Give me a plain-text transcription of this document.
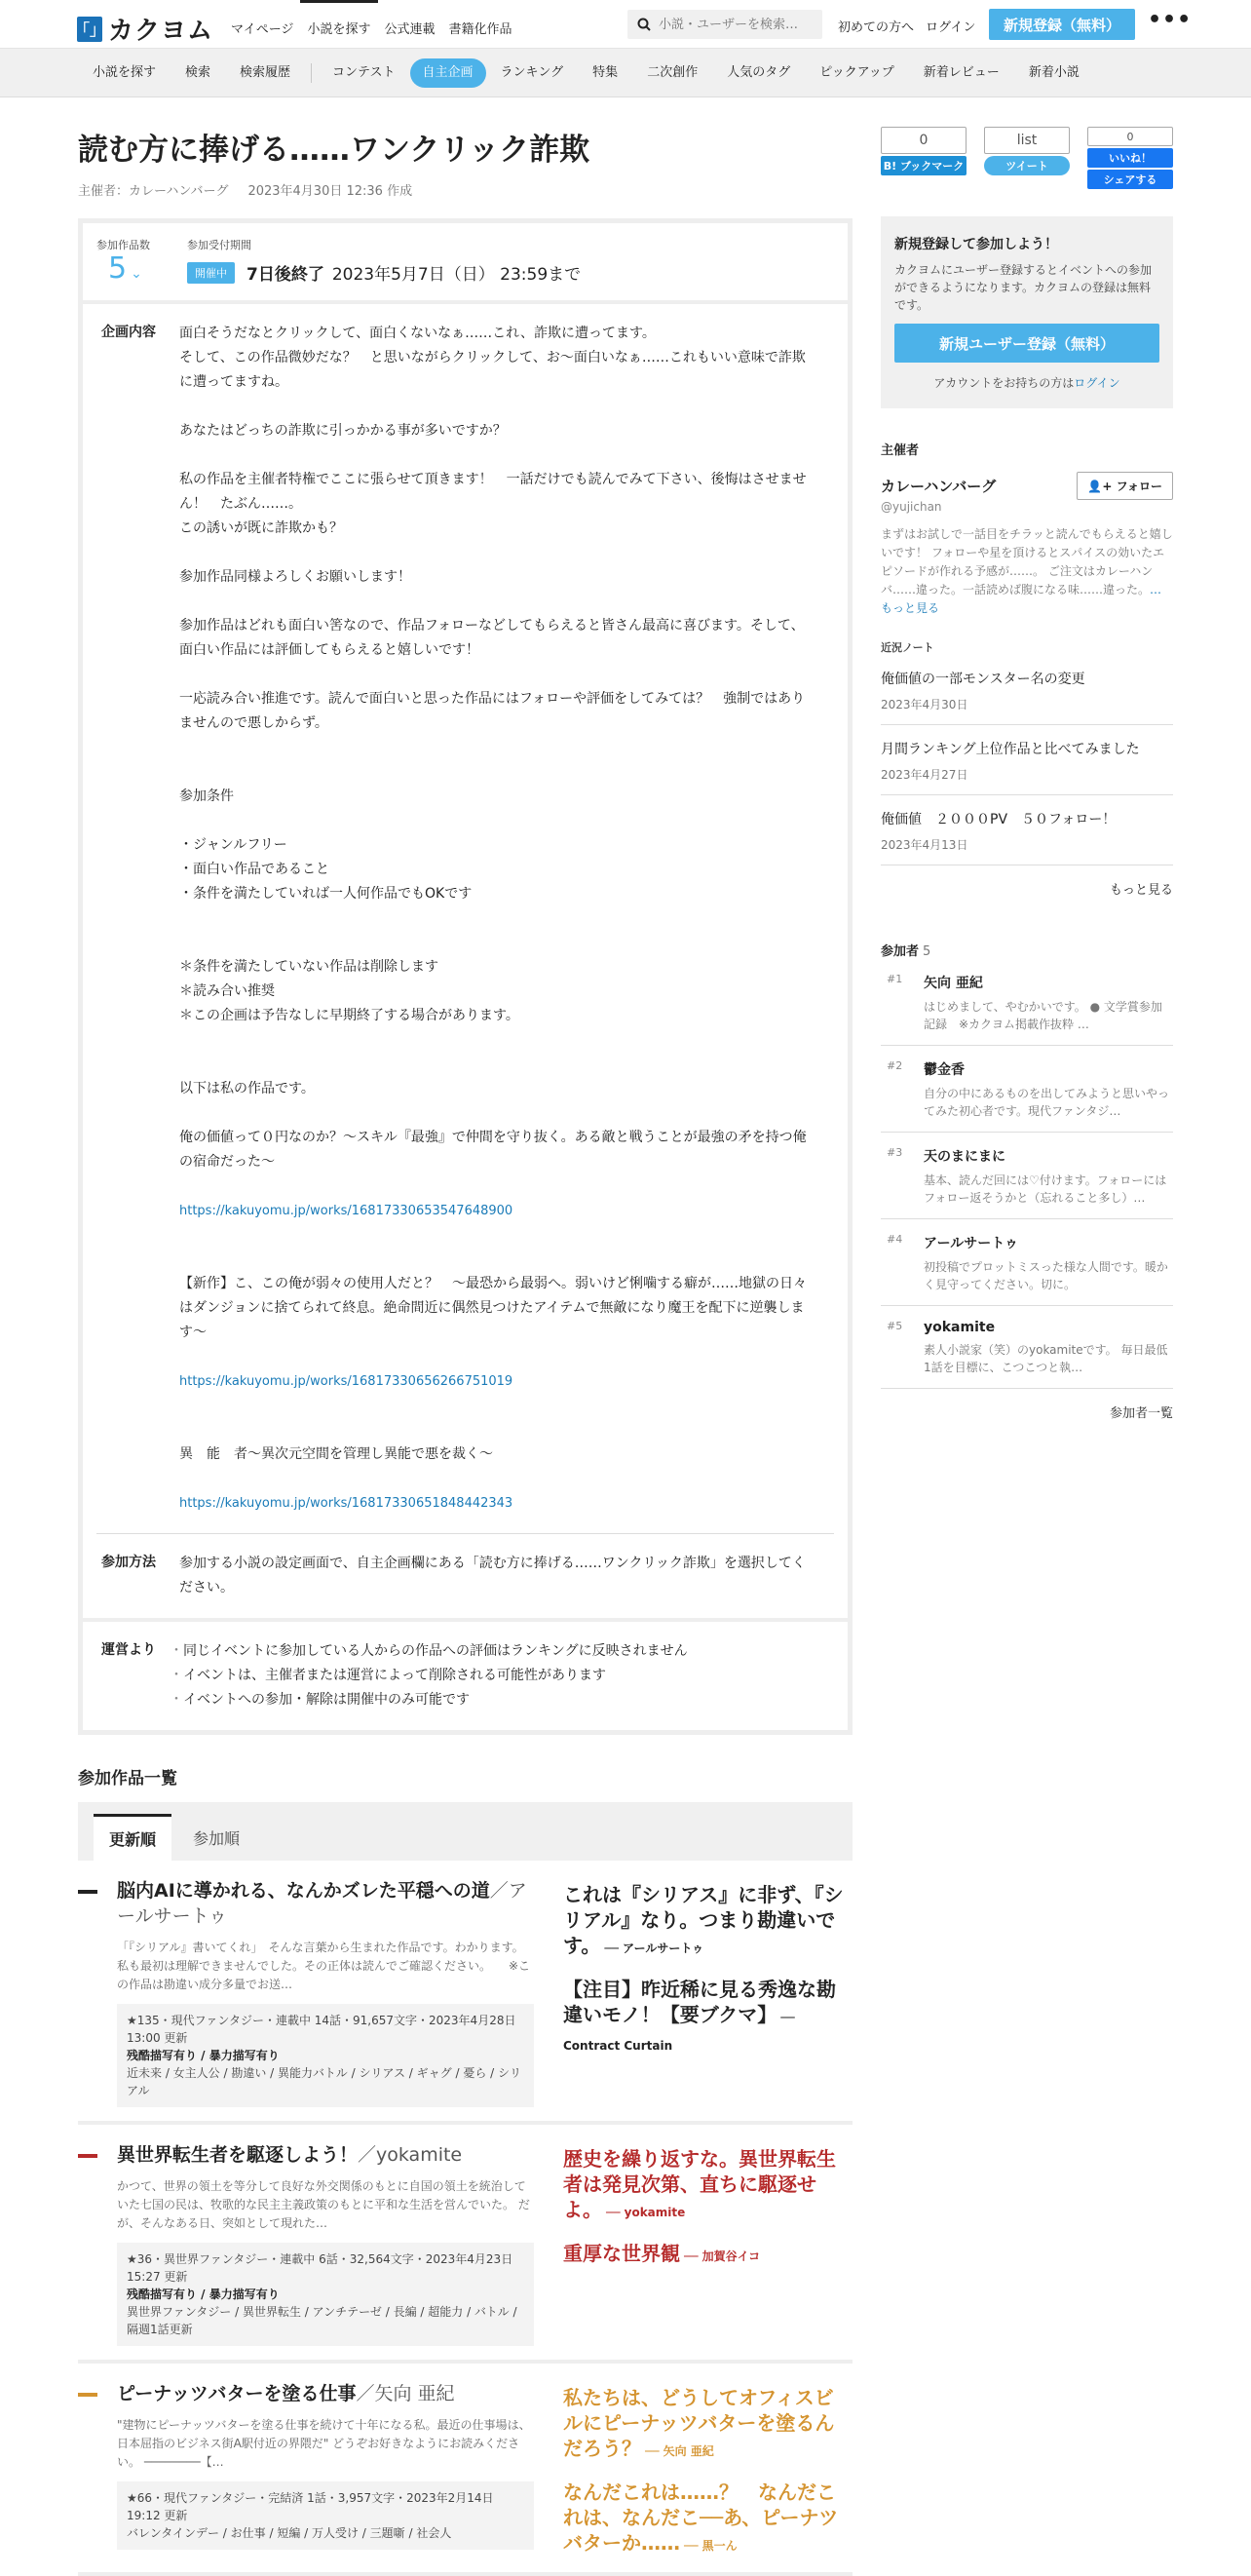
「」 カクヨム	マイページ	小説を探す	公式連載	書籍化作品
小説・ユーザーを検索…	初めての方へ ログイン	新規登録（無料）	•••
小説を探す	検索	検索履歴	コンテスト	自主企画	ランキング	特集	二次創作	人気のタグ	ピックアップ	新着レビュー	新着小説
読む方に捧げる……ワンクリック詐欺
主催者：カレーハンバーグ 2023年4月30日 12:36 作成
参加作品数
5 ⌄
参加受付期間
開催中 7日後終了 2023年5月7日（日） 23:59まで
企画内容	面白そうだなとクリックして、面白くないなぁ……これ、詐欺に遭ってます。

そして、この作品微妙だな？　と思いながらクリックして、お〜面白いなぁ……これもいい意味で詐欺に遭ってますね。

あなたはどっちの詐欺に引っかかる事が多いですか？

私の作品を主催者特権でここに張らせて頂きます！　一話だけでも読んでみて下さい、後悔はさせません！　たぶん……。

この誘いが既に詐欺かも？

参加作品同様よろしくお願いします！

参加作品はどれも面白い筈なので、作品フォローなどしてもらえると皆さん最高に喜びます。そして、面白い作品には評価してもらえると嬉しいです！

一応読み合い推進です。読んで面白いと思った作品にはフォローや評価をしてみては？　強制ではありませんので悪しからず。

参加条件

・ジャンルフリー

・面白い作品であること

・条件を満たしていれば一人何作品でもOKです

＊条件を満たしていない作品は削除します

＊読み合い推奨

＊この企画は予告なしに早期終了する場合があります。

以下は私の作品です。

俺の価値って０円なのか？〜スキル『最強』で仲間を守り抜く。ある敵と戦うことが最強の矛を持つ俺の宿命だった〜

https://kakuyomu.jp/works/16817330653547648900

【新作】こ、この俺が弱々の使用人だと？　〜最恐から最弱へ。弱いけど悧噛する癖が……地獄の日々はダンジョンに捨てられて終息。絶命間近に偶然見つけたアイテムで無敵になり魔王を配下に逆襲します〜

https://kakuyomu.jp/works/16817330656266751019

異　能　者〜異次元空間を管理し異能で悪を裁く〜

https://kakuyomu.jp/works/16817330651848442343
参加方法	参加する小説の設定画面で、自主企画欄にある「読む方に捧げる……ワンクリック詐欺」を選択してください。
運営より
・	同じイベントに参加している人からの作品への評価はランキングに反映されません
・ イベントは、主催者または運営によって削除される可能性があります
・ イベントへの参加・解除は開催中のみ可能です
参加作品一覧
更新順	参加順
脳内AIに導かれる、なんかズレた平穏への道／アールサートゥ
「『シリアル』書いてくれ」　そんな言葉から生まれた作品です。わかります。私も最初は理解できませんでした。その正体は読んでご確認ください。　　※この作品は勘違い成分多量でお送…
★135・現代ファンタジー・連載中 14話・91,657文字・2023年4月28日 13:00 更新
残酷描写有り / 暴力描写有り
近未来 / 女主人公 / 勘違い / 異能力バトル / シリアス / ギャグ / 憂ら / シリアル
これは『シリアス』に非ず、『シリアル』なり。つまり勘違いです。 ── アールサートゥ
【注目】昨近稀に見る秀逸な勘違いモノ！【要ブクマ】 ── Contract Curtain
異世界転生者を駆逐しよう！／yokamite
かつて、世界の領土を等分して良好な外交関係のもとに自国の領土を統治していた七国の民は、牧歌的な民主主義政策のもとに平和な生活を営んでいた。 だが、そんなある日、突如として現れた…
★36・異世界ファンタジー・連載中 6話・32,564文字・2023年4月23日 15:27 更新
残酷描写有り / 暴力描写有り
異世界ファンタジー / 異世界転生 / アンチテーゼ / 長編 / 超能力 / バトル / 隔週1話更新
歴史を繰り返すな。異世界転生者は発見次第、直ちに駆逐せよ。 ── yokamite
重厚な世界観 ── 加賀谷イコ
ピーナッツバターを塗る仕事／矢向 亜紀
"建物にピーナッツバターを塗る仕事を続けて十年になる私。最近の仕事場は、日本屈指のビジネス街A駅付近の界隈だ" どうぞお好きなようにお読みください。 ────────【…
★66・現代ファンタジー・完結済 1話・3,957文字・2023年2月14日 19:12 更新
バレンタインデー / お仕事 / 短編 / 万人受け / 三題噺 / 社会人
私たちは、どうしてオフィスビルにピーナッツバターを塗るんだろう？ ── 矢向 亜紀
なんだこれは……？　なんだこれは、なんだこ──あ、ピーナツバターか…… ── 黒一ん
0
B! ブックマーク
list
ツイート
0
いいね！
シェアする
新規登録して参加しよう！

カクヨムにユーザー登録するとイベントへの参加ができるようになります。カクヨムの登録は無料です。

新規ユーザー登録（無料）
アカウントをお持ちの方はログイン
主催者
カレーハンバーグ
@yujichan
👤+ フォロー
まずはお試しで一話目をチラッと読んでもらえると嬉しいです！ フォローや星を頂けるとスパイスの効いたエピソードが作れる予感が……。 ご注文はカレーハンバ……違った。一話読めば腹になる味……違った。…もっと見る
近況ノート
俺価値の一部モンスター名の変更
2023年4月30日
月間ランキング上位作品と比べてみました
2023年4月27日
俺価値　２０００PV　５０フォロー！
2023年4月13日
もっと見る
参加者 5
#1	矢向 亜紀
はじめまして、やむかいです。 ● 文学賞参加記録　※カクヨム掲載作抜粋 …
#2	鬱金香
自分の中にあるものを出してみようと思いやってみた初心者です。現代ファンタジ…
#3	天のまにまに
基本、読んだ回には♡付けます。フォローにはフォロー返そうかと（忘れること多し）…
#4	アールサートゥ
初投稿でプロットミスった様な人間です。暖かく見守ってください。切に。
#5	yokamite
素人小説家（笑）のyokamiteです。 毎日最低1話を目標に、こつこつと執…
参加者一覧
